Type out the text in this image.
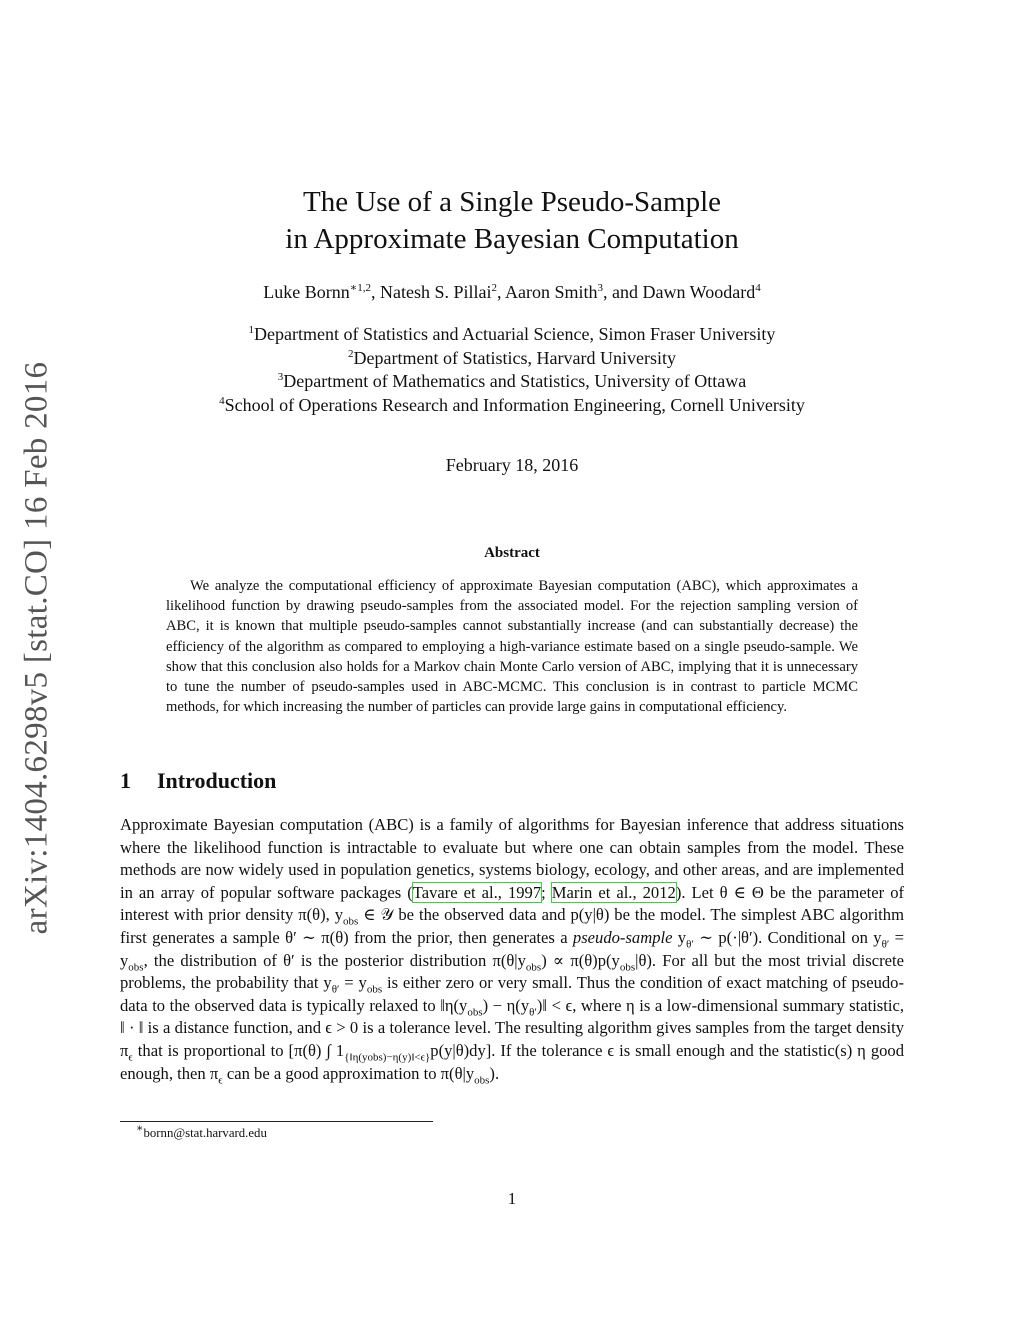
arXiv:1404.6298v5 [stat.CO] 16 Feb 2016
The Use of a Single Pseudo-Sample
in Approximate Bayesian Computation
Luke Bornn$^{∗1,2}$, Natesh S. Pillai$^2$, Aaron Smith$^3$, and Dawn Woodard$^4$
$^1$Department of Statistics and Actuarial Science, Simon Fraser University
$^2$Department of Statistics, Harvard University
$^3$Department of Mathematics and Statistics, University of Ottawa
$^4$School of Operations Research and Information Engineering, Cornell University
February 18, 2016
Abstract
We analyze the computational efficiency of approximate Bayesian computation (ABC), which approximates a likelihood function by drawing pseudo-samples from the associated model. For the rejection sampling version of ABC, it is known that multiple pseudo-samples cannot substantially increase (and can substantially decrease) the efficiency of the algorithm as compared to employing a high-variance estimate based on a single pseudo-sample. We show that this conclusion also holds for a Markov chain Monte Carlo version of ABC, implying that it is unnecessary to tune the number of pseudo-samples used in ABC-MCMC. This conclusion is in contrast to particle MCMC methods, for which increasing the number of particles can provide large gains in computational efficiency.
1 Introduction
Approximate Bayesian computation (ABC) is a family of algorithms for Bayesian inference that address situations where the likelihood function is intractable to evaluate but where one can obtain samples from the model. These methods are now widely used in population genetics, systems biology, ecology, and other areas, and are implemented in an array of popular software packages (Tavare et al., 1997; Marin et al., 2012). Let θ ∈ Θ be the parameter of interest with prior density π(θ), $y_{obs}$ ∈ 𝒴 be the observed data and p(y|θ) be the model. The simplest ABC algorithm first generates a sample θ′ ∼ π(θ) from the prior, then generates a pseudo-sample $y_{\theta'}$ ∼ p(·|θ′). Conditional on $y_{\theta'} = y_{obs}$, the distribution of θ′ is the posterior distribution $\pi(\theta|y_{obs}) \propto \pi(\theta)p(y_{obs}|\theta)$. For all but the most trivial discrete problems, the probability that $y_{\theta'} = y_{obs}$ is either zero or very small. Thus the condition of exact matching of pseudo-data to the observed data is typically relaxed to $‖\eta(y_{obs})$ − $\eta(y_{\theta'})‖ < \epsilon$, where η is a low-dimensional summary statistic, ‖ · ‖ is a distance function, and ϵ > 0 is a tolerance level. The resulting algorithm gives samples from the target density $\pi_\epsilon$ that is proportional to [π(θ) ∫ $1_{\{‖\eta(yobs)-\eta(y)‖<\epsilon\}}p(y|\theta)dy$]. If the tolerance ϵ is small enough and the statistic(s) η good enough, then $\pi_\epsilon$ can be a good approximation to $\pi(\theta|y_{obs})$.
∗bornn@stat.harvard.edu
1
